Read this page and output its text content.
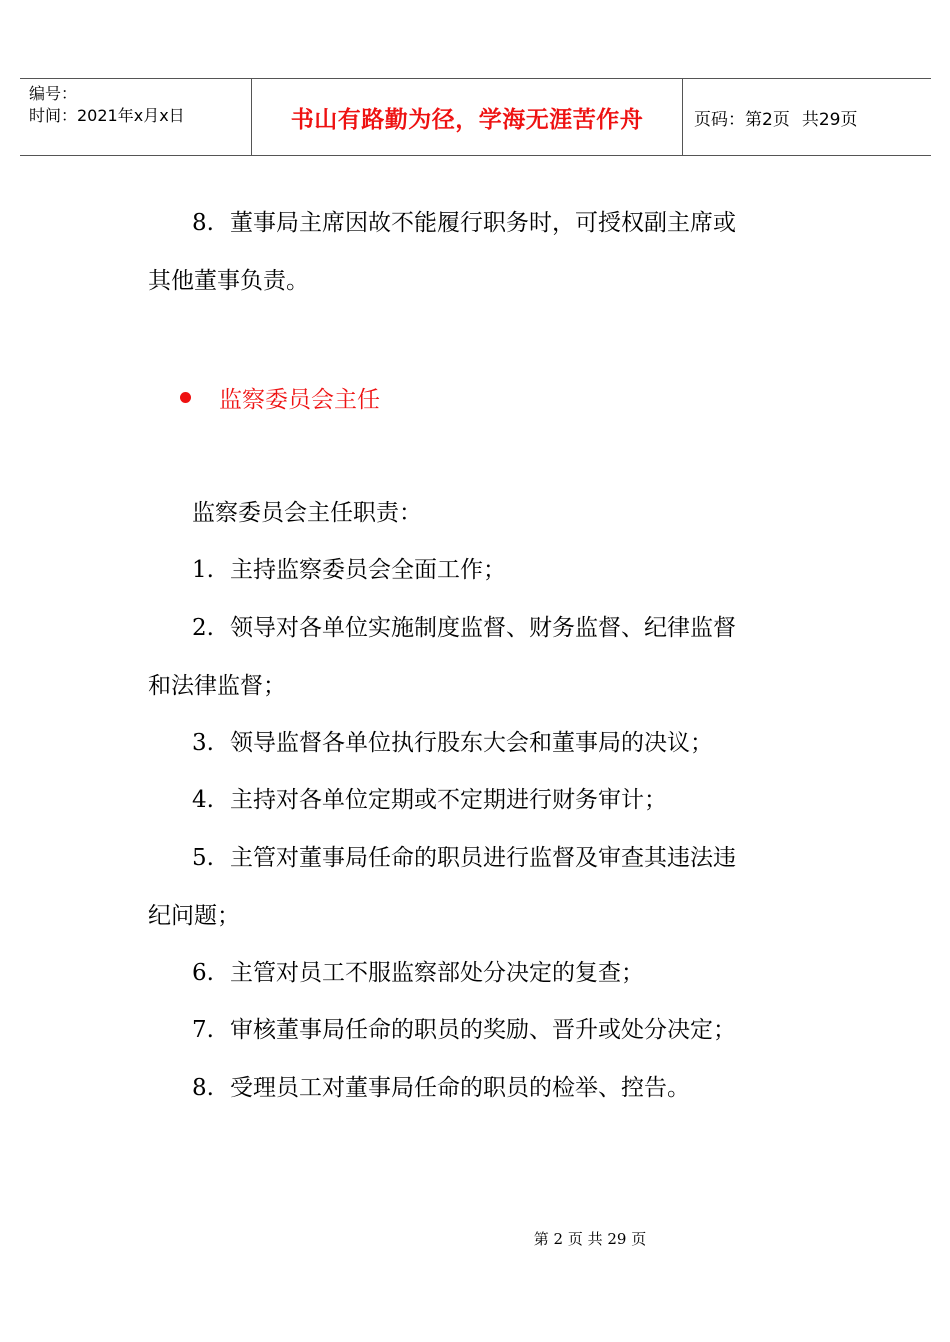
编号：
时间：2021年x月x日	书山有路勤为径，学海无涯苦作舟	页码：第2页 共29页

8. 董事局主席因故不能履行职务时，可授权副主席或
其他董事负责。

监察委员会主任

监察委员会主任职责：

1. 主持监察委员会全面工作；

2. 领导对各单位实施制度监督、财务监督、纪律监督
和法律监督；

3. 领导监督各单位执行股东大会和董事局的决议；

4. 主持对各单位定期或不定期进行财务审计；

5. 主管对董事局任命的职员进行监督及审查其违法违
纪问题；

6. 主管对员工不服监察部处分决定的复查；

7. 审核董事局任命的职员的奖励、晋升或处分决定；

8. 受理员工对董事局任命的职员的检举、控告。

第 2 页 共 29 页
